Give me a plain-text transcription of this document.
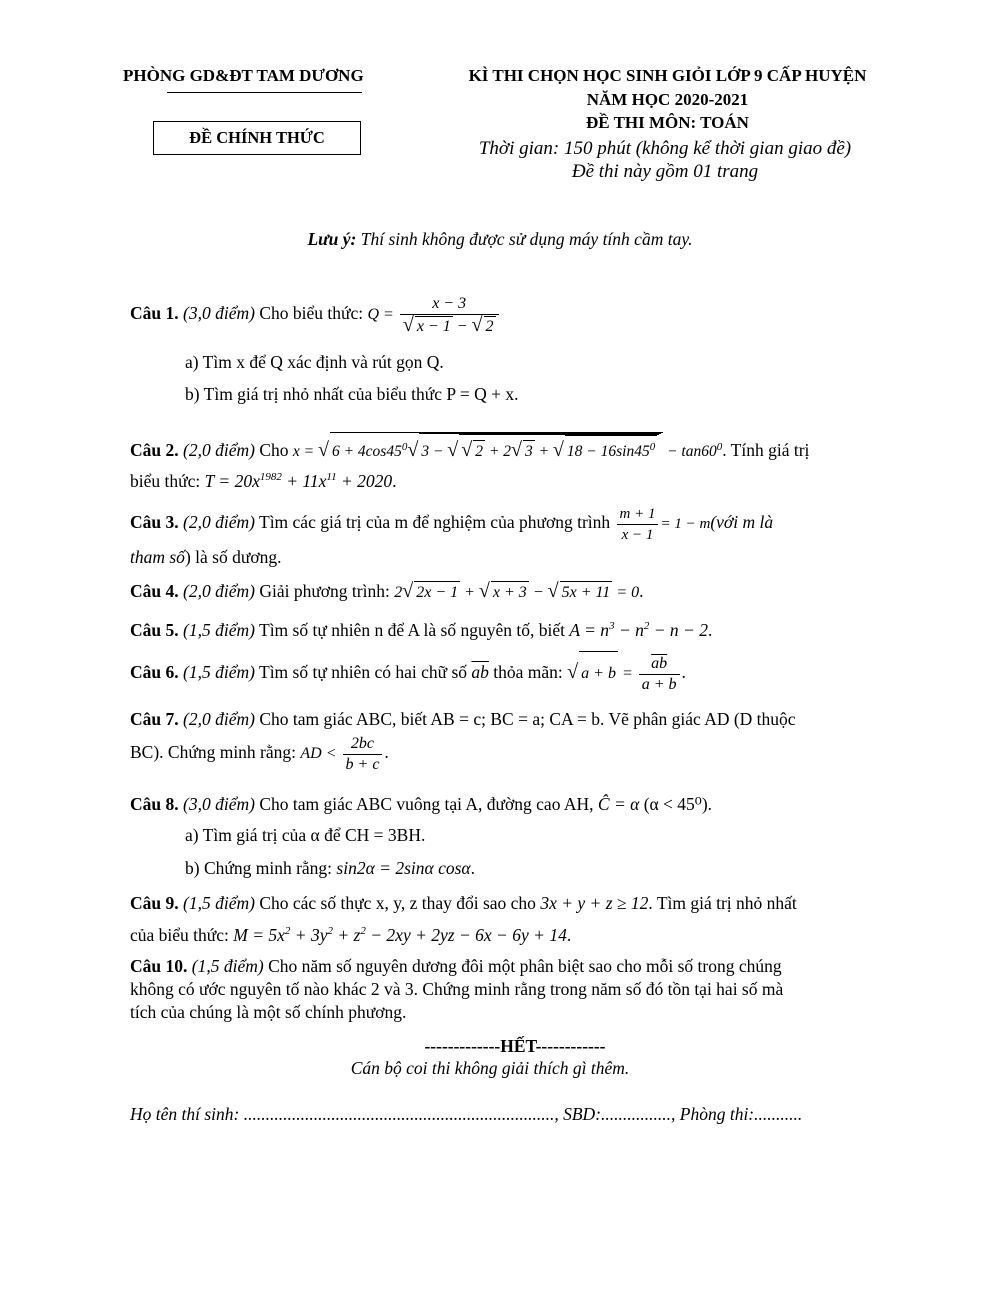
PHÒNG GD&ĐT TAM DƯƠNG
ĐỀ CHÍNH THỨC
KÌ THI CHỌN HỌC SINH GIỎI LỚP 9 CẤP HUYỆN
NĂM HỌC 2020-2021
ĐỀ THI MÔN: TOÁN
Thời gian: 150 phút (không kể thời gian giao đề)
Đề thi này gồm 01 trang
Lưu ý: Thí sinh không được sử dụng máy tính cầm tay.
Câu 1. (3,0 điểm) Cho biểu thức: $Q = \frac{x - 3}{√ x - 1 - √ 2}$
a) Tìm x để Q xác định và rút gọn Q.
b) Tìm giá trị nhỏ nhất của biểu thức P = Q + x.
Câu 2. (2,0 điểm) Cho x = √ $6 + 4\cos 45^0√$ 3 − √ √ 2 + 2√ 3 + √ $18 - 16\sin 45^0 - \tan 60^0$. Tính giá trị
biểu thức: $T = 20x^{1982} + 11x^{11} + 2020$.
Câu 3. (2,0 điểm) Tìm các giá trị của m để nghiệm của phương trình $\frac{m + 1}{x - 1} = 1$ − m(với m là
tham số) là số dương.
Câu 4. (2,0 điểm) Giải phương trình: 2√ 2x − 1 + √ x + 3 − √ 5x + 11 = 0.
Câu 5. (1,5 điểm) Tìm số tự nhiên n để A là số nguyên tố, biết $A = n^3 - n^2 - n - 2$.
Câu 6. (1,5 điểm) Tìm số tự nhiên có hai chữ số $\overline{ab}$ thỏa mãn: √ $a + b = \frac{\overline{ab}}{a + b}$ .
Câu 7. (2,0 điểm) Cho tam giác ABC, biết AB = c; BC = a; CA = b. Vẽ phân giác AD (D thuộc
BC). Chứng minh rằng: AD < $\frac{2bc}{b + c}$ .
Câu 8. (3,0 điểm) Cho tam giác ABC vuông tại A, đường cao AH, Ĉ = α (α < 45⁰).
a) Tìm giá trị của α để CH = 3BH.
b) Chứng minh rằng: sin2α = 2sinα cosα.
Câu 9. (1,5 điểm) Cho các số thực x, y, z thay đổi sao cho 3x + y + z ≥ 12. Tìm giá trị nhỏ nhất
của biểu thức: $M = 5x^2 + 3y^2 + z^2 - 2xy + 2yz - 6x - 6y + 14$.
Câu 10. (1,5 điểm) Cho năm số nguyên dương đôi một phân biệt sao cho mỗi số trong chúng
không có ước nguyên tố nào khác 2 và 3. Chứng minh rằng trong năm số đó tồn tại hai số mà
tích của chúng là một số chính phương.
-------------HẾT------------
Cán bộ coi thi không giải thích gì thêm.
Họ tên thí sinh: ......................................................................., SBD:................, Phòng thi:...........
